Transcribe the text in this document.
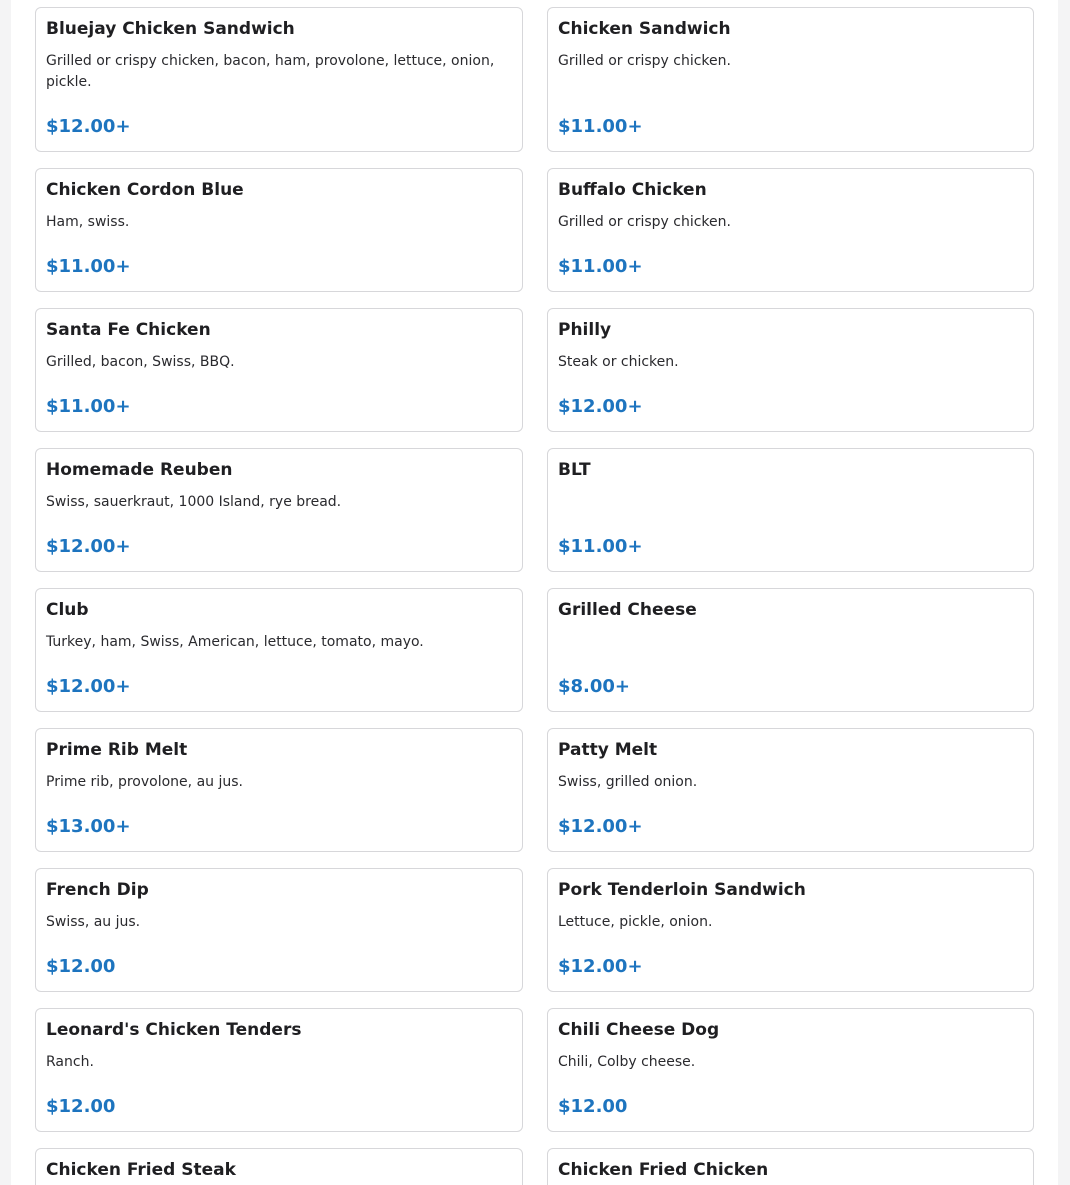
Bluejay Chicken Sandwich
Grilled or crispy chicken, bacon, ham, provolone, lettuce, onion, pickle.
$12.00+
Chicken Sandwich
Grilled or crispy chicken.
$11.00+
Chicken Cordon Blue
Ham, swiss.
$11.00+
Buffalo Chicken
Grilled or crispy chicken.
$11.00+
Santa Fe Chicken
Grilled, bacon, Swiss, BBQ.
$11.00+
Philly
Steak or chicken.
$12.00+
Homemade Reuben
Swiss, sauerkraut, 1000 Island, rye bread.
$12.00+
BLT
$11.00+
Club
Turkey, ham, Swiss, American, lettuce, tomato, mayo.
$12.00+
Grilled Cheese
$8.00+
Prime Rib Melt
Prime rib, provolone, au jus.
$13.00+
Patty Melt
Swiss, grilled onion.
$12.00+
French Dip
Swiss, au jus.
$12.00
Pork Tenderloin Sandwich
Lettuce, pickle, onion.
$12.00+
Leonard's Chicken Tenders
Ranch.
$12.00
Chili Cheese Dog
Chili, Colby cheese.
$12.00
Chicken Fried Steak	Chicken Fried Chicken
